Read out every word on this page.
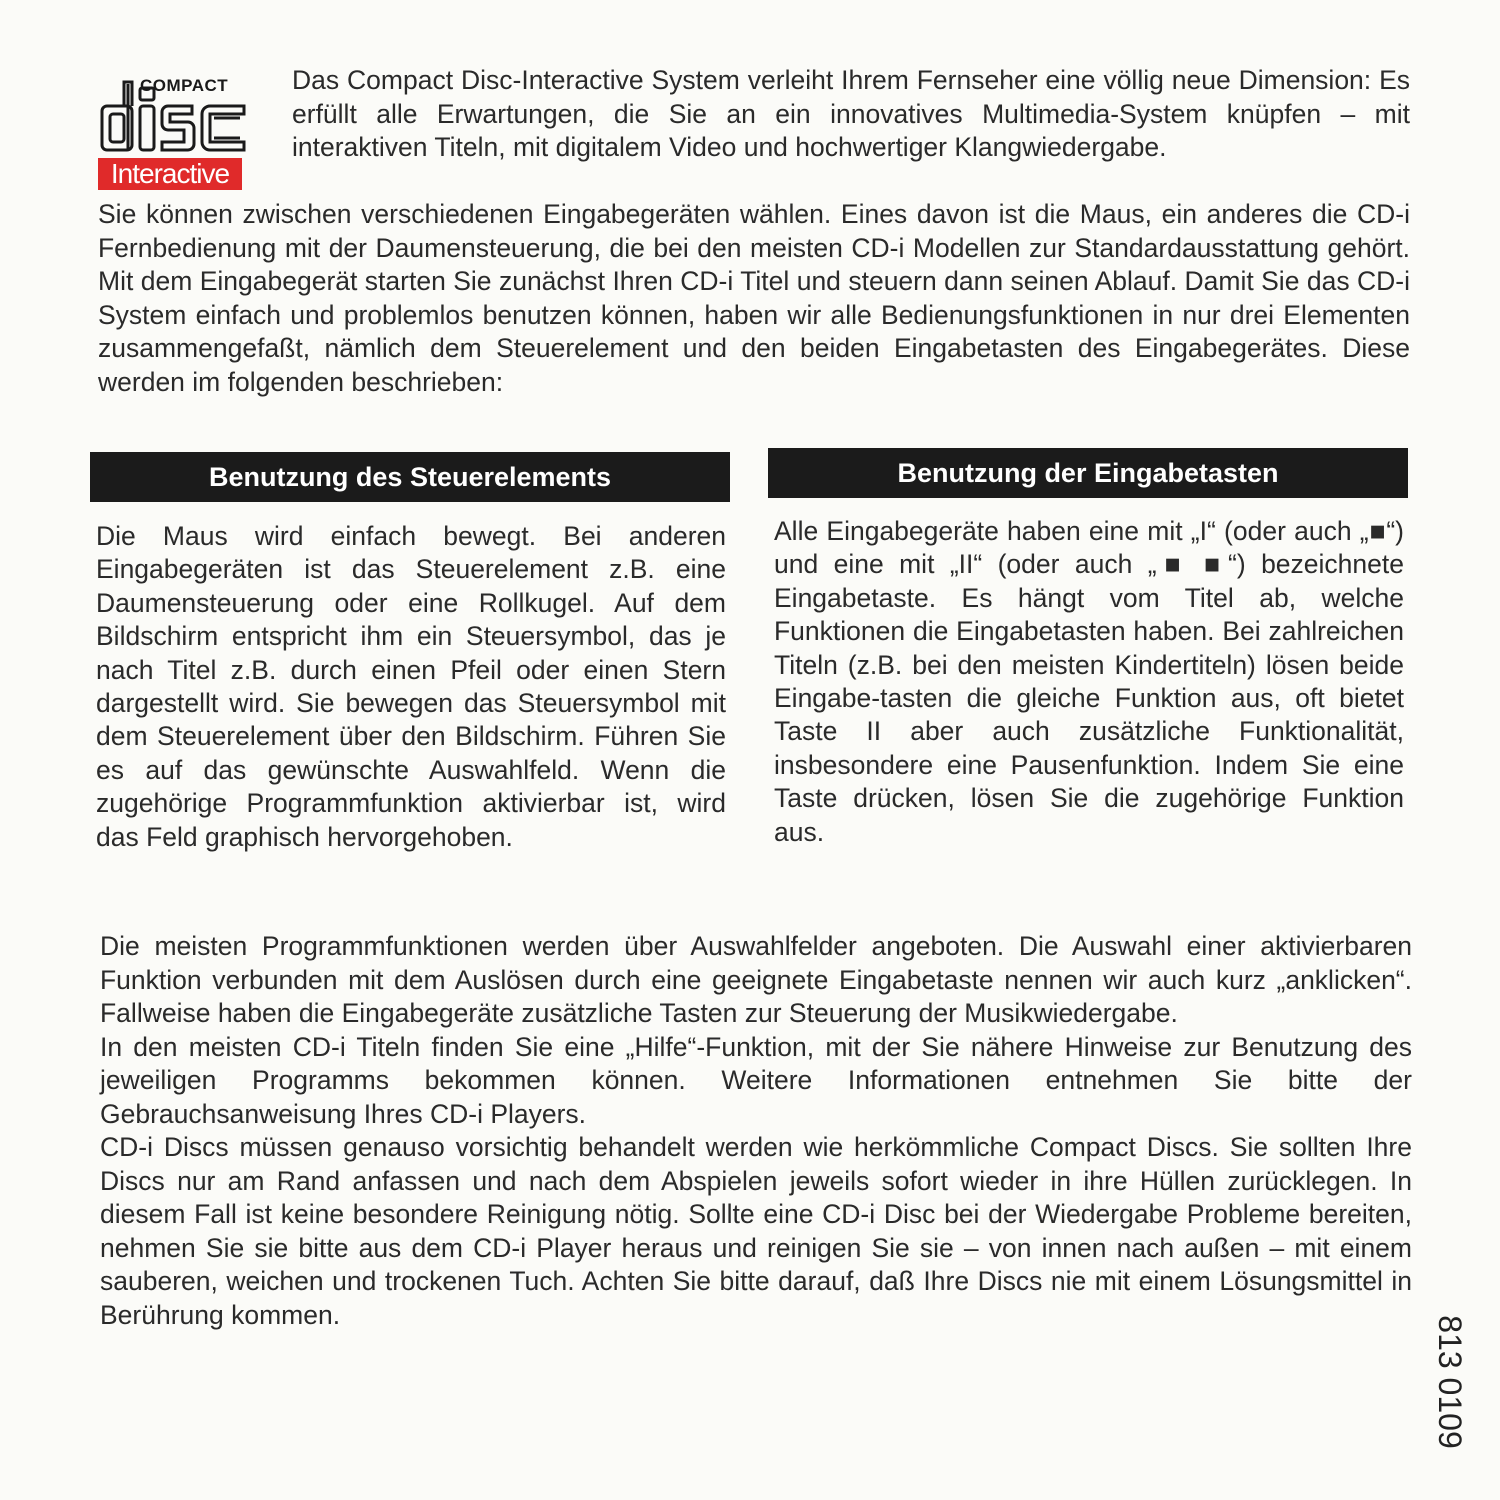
COMPACT
Interactive

Das Compact Disc-Interactive System verleiht Ihrem Fernseher eine völlig neue Dimension: Es erfüllt alle Erwartungen, die Sie an ein innovatives Multimedia-System knüpfen – mit interaktiven Titeln, mit digitalem Video und hochwertiger Klangwiedergabe.

Sie können zwischen verschiedenen Eingabegeräten wählen. Eines davon ist die Maus, ein anderes die CD-i Fernbedienung mit der Daumensteuerung, die bei den meisten CD-i Modellen zur Standardausstattung gehört. Mit dem Eingabegerät starten Sie zunächst Ihren CD-i Titel und steuern dann seinen Ablauf. Damit Sie das CD-i System einfach und problemlos benutzen können, haben wir alle Bedienungsfunktionen in nur drei Elementen zusammengefaßt, nämlich dem Steuerelement und den beiden Eingabetasten des Eingabegerätes. Diese werden im folgenden beschrieben:

Benutzung des Steuerelements	Benutzung der Eingabetasten

Die Maus wird einfach bewegt. Bei anderen Eingabegeräten ist das Steuerelement z.B. eine Daumensteuerung oder eine Rollkugel. Auf dem Bildschirm entspricht ihm ein Steuersymbol, das je nach Titel z.B. durch einen Pfeil oder einen Stern dargestellt wird. Sie bewegen das Steuersymbol mit dem Steuerelement über den Bildschirm. Führen Sie es auf das gewünschte Auswahlfeld. Wenn die zugehörige Programmfunktion aktivierbar ist, wird das Feld graphisch hervorgehoben.

Alle Eingabegeräte haben eine mit „I“ (oder auch „■“) und eine mit „II“ (oder auch „■ ■“) bezeichnete Eingabetaste. Es hängt vom Titel ab, welche Funktionen die Eingabetasten haben. Bei zahlreichen Titeln (z.B. bei den meisten Kindertiteln) lösen beide Eingabe-tasten die gleiche Funktion aus, oft bietet Taste II aber auch zusätzliche Funktionalität, insbesondere eine Pausenfunktion. Indem Sie eine Taste drücken, lösen Sie die zugehörige Funktion aus.

Die meisten Programmfunktionen werden über Auswahlfelder angeboten. Die Auswahl einer aktivierbaren Funktion verbunden mit dem Auslösen durch eine geeignete Eingabetaste nennen wir auch kurz „anklicken“. Fallweise haben die Eingabegeräte zusätzliche Tasten zur Steuerung der Musikwiedergabe.
In den meisten CD-i Titeln finden Sie eine „Hilfe“-Funktion, mit der Sie nähere Hinweise zur Benutzung des jeweiligen Programms bekommen können. Weitere Informationen entnehmen Sie bitte der Gebrauchsanweisung Ihres CD-i Players.
CD-i Discs müssen genauso vorsichtig behandelt werden wie herkömmliche Compact Discs. Sie sollten Ihre Discs nur am Rand anfassen und nach dem Abspielen jeweils sofort wieder in ihre Hüllen zurücklegen. In diesem Fall ist keine besondere Reinigung nötig. Sollte eine CD-i Disc bei der Wiedergabe Probleme bereiten, nehmen Sie sie bitte aus dem CD-i Player heraus und reinigen Sie sie – von innen nach außen – mit einem sauberen, weichen und trockenen Tuch. Achten Sie bitte darauf, daß Ihre Discs nie mit einem Lösungsmittel in Berührung kommen.

813 0109
